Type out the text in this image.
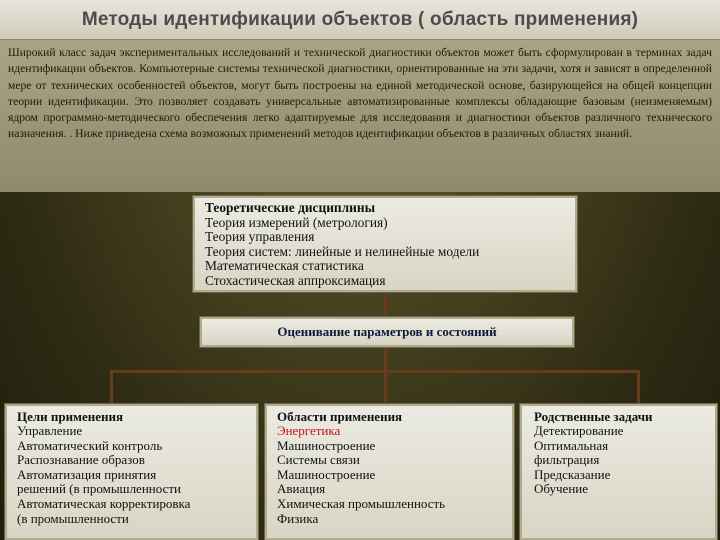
Методы идентификации объектов ( область применения)

Широкий класс задач экспериментальных исследований и технической диагностики объектов может быть сформулирован в терминах задач идентификации объектов. Компьютерные системы технической диагностики, ориентированные на эти задачи, хотя и зависят в определенной мере от технических особенностей объектов, могут быть построены на единой методической основе, базирующейся на общей концепции теории идентификации. Это позволяет создавать универсальные автоматизированные комплексы обладающие базовым (неизменяемым) ядром программно-методического обеспечения легко адаптируемые для исследования и диагностики объектов различного технического назначения. . Ниже приведена схема возможных применений методов идентификации объектов в различных областях знаний.

Теоретические дисциплины
Теория измерений (метрология)
Теория управления
Теория систем: линейные и нелинейные модели
Математическая статистика
Стохастическая аппроксимация
Оценивание параметров и состояний
Цели применения
Управление
Автоматический контроль
Распознавание образов
Автоматизация принятия
решений (в промышленности
Автоматическая корректировка
(в промышленности
Области применения
Энергетика
Машиностроение
Системы связи
Машиностроение
Авиация
Химическая промышленность
Физика
Родственные задачи
Детектирование
Оптимальная
фильтрация
Предсказание
Обучение
